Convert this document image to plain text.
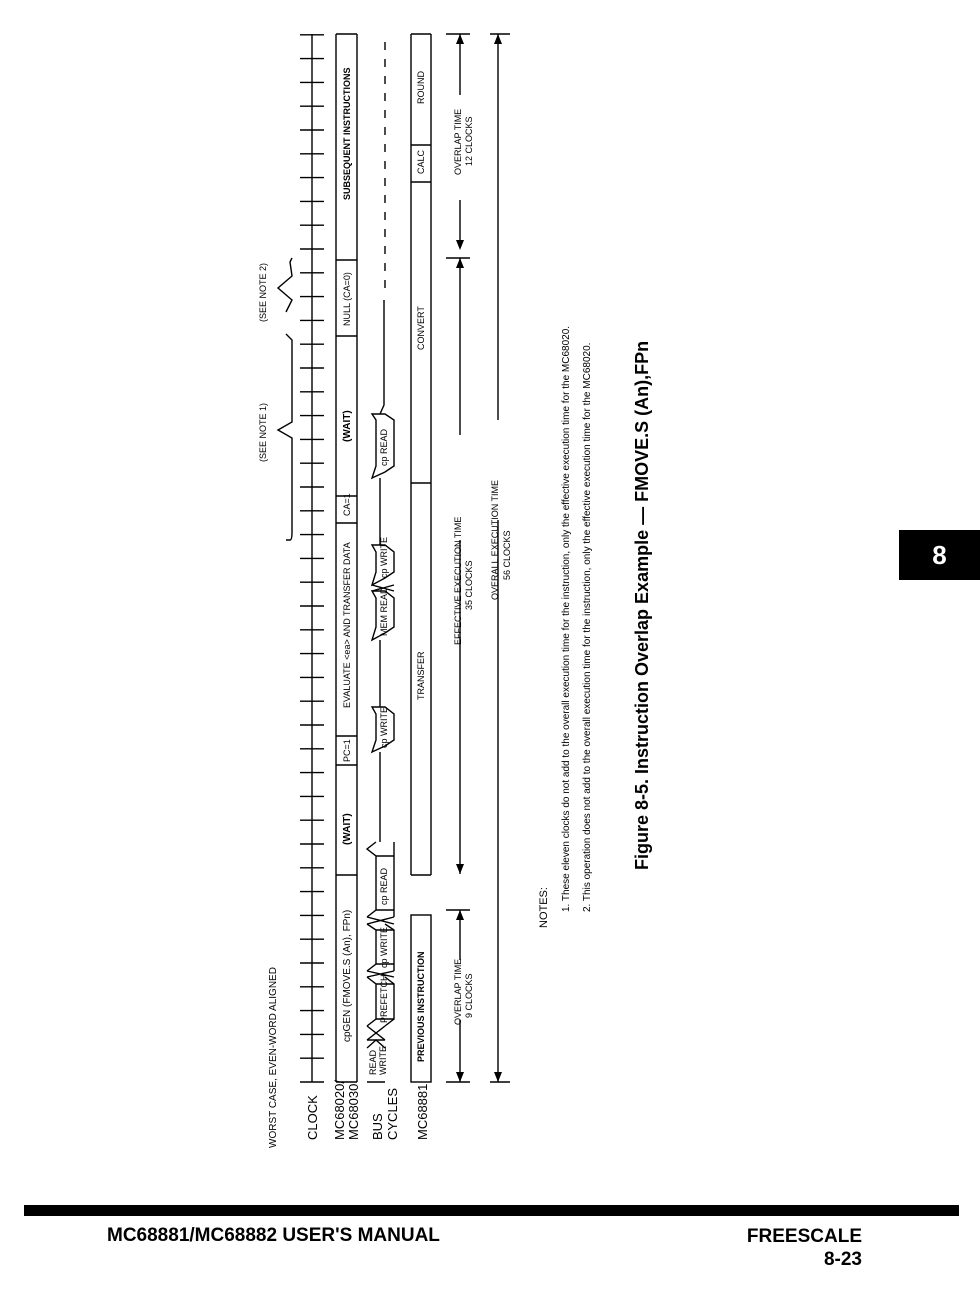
WORST CASE, EVEN-WORD ALIGNED CLOCK MC68020/ MC68030 BUS CYCLES MC68881
cpGEN (FMOVE.S (An), FPn)
(WAIT)
PC=1
EVALUATE <ea> AND TRANSFER DATA
CA=1
(WAIT)
NULL (CA=0)
SUBSEQUENT INSTRUCTIONS
READ WRITE
PREFETCH
cp WRITE
cp READ
cp WRITE
MEM READ
cp WRITE
cp READ
PREVIOUS INSTRUCTION
TRANSFER
CONVERT
CALC
ROUND
(SEE NOTE 1)
(SEE NOTE 2)
OVERLAP TIME 9 CLOCKS
EFFECTIVE EXECUTION TIME 35 CLOCKS OVERALL EXECUTION TIME 56 CLOCKS
OVERLAP TIME 12 CLOCKS
NOTES: 1. These eleven clocks do not add to the overall execution time for the instruction, only the effective execution time for the MC68020. 2. This operation does not add to the overall execution time for the instruction, only the effective execution time for the MC68020. Figure 8-5. Instruction Overlap Example — FMOVE.S (An),FPn	8
MC68881/MC68882 USER'S MANUAL	FREESCALE
8-23
